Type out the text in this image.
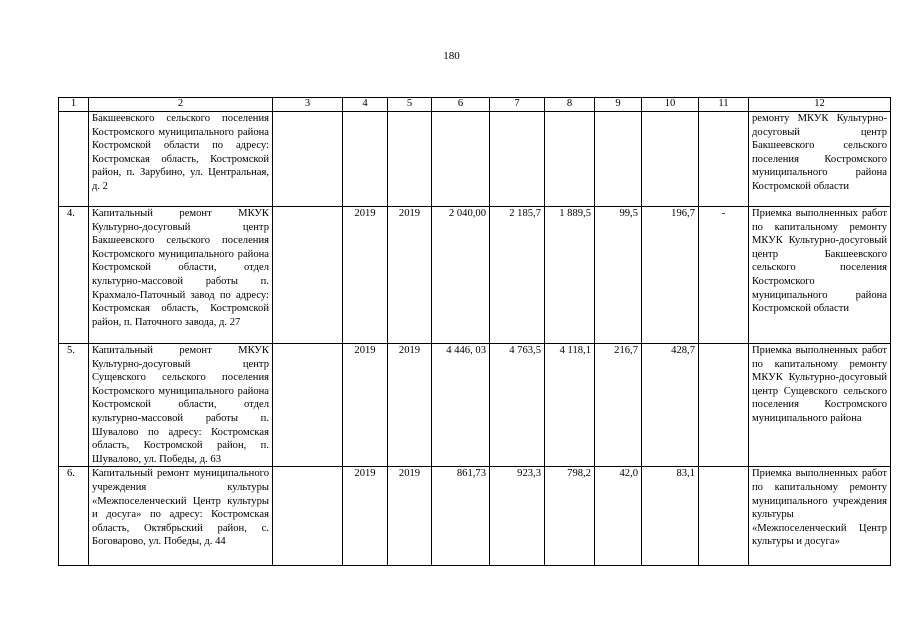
180
1	2	3	4	5	6	7	8	9	10	11	12
	Бакшеевского сельского поселения Костромского муниципального района Костромской области по адресу: Костромская область, Костромской район, п. Зарубино, ул. Центральная, д. 2										ремонту МКУК Культурно-досуговый центр Бакшеевского сельского поселения Костромского муниципального района Костромской области
4.	Капитальный ремонт МКУК Культурно-досуговый центр Бакшеевского сельского поселения Костромского муниципального района Костромской области, отдел культурно-массовой работы п. Крахмало-Паточный завод по адресу: Костромская область, Костромской район, п. Паточного завода, д. 27		2019	2019	2 040,00	2 185,7	1 889,5	99,5	196,7	-	Приемка выполненных работ по капитальному ремонту МКУК Культурно-досуговый центр Бакшеевского сельского поселения Костромского муниципального района Костромской области
5.	Капитальный ремонт МКУК Культурно-досуговый центр Сущевского сельского поселения Костромского муниципального района Костромской области, отдел культурно-массовой работы п. Шувалово по адресу: Костромская область, Костромской район, п. Шувалово, ул. Победы, д. 63		2019	2019	4 446, 03	4 763,5	4 118,1	216,7	428,7		Приемка выполненных работ по капитальному ремонту МКУК Культурно-досуговый центр Сущевского сельского поселения Костромского муниципального района
6.	Капитальный ремонт муниципального учреждения культуры «Межпоселенческий Центр культуры и досуга» по адресу: Костромская область, Октябрьский район, с. Боговарово, ул. Победы, д. 44		2019	2019	861,73	923,3	798,2	42,0	83,1		Приемка выполненных работ по капитальному ремонту муниципального учреждения культуры «Межпоселенческий Центр культуры и досуга»
